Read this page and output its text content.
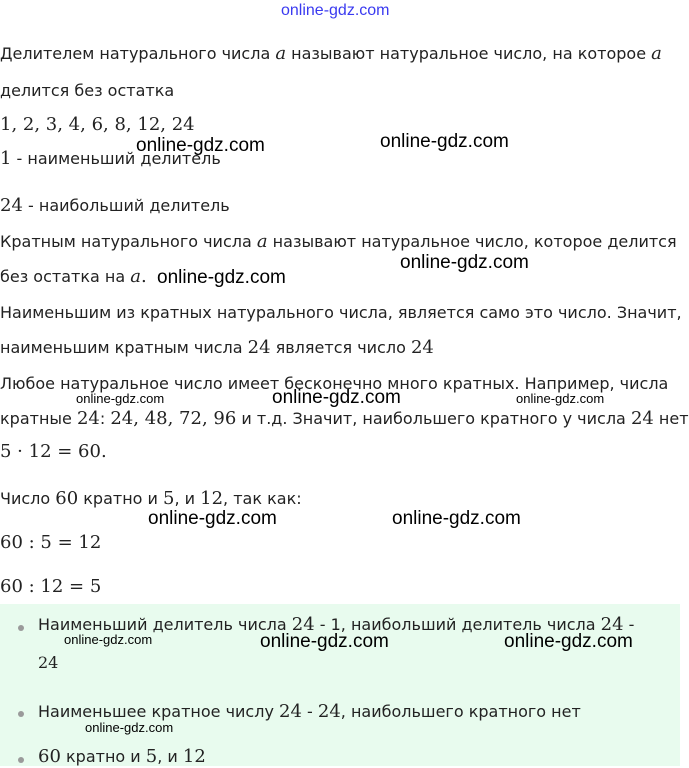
online-gdz.com
Делителем натурального числа a называют натуральное число, на которое a
делится без остатка
1, 2, 3, 4, 6, 8, 12, 24
1 - наименьший делитель
24 - наибольший делитель
Кратным натурального числа a называют натуральное число, которое делится
без остатка на a.
Наименьшим из кратных натурального числа, является само это число. Значит,
наименьшим кратным числа 24 является число 24
Любое натуральное число имеет бесконечно много кратных. Например, числа
кратные 24: 24, 48, 72, 96 и т.д. Значит, наибольшего кратного у числа 24 нет
5 · 12 = 60.
Число 60 кратно и 5, и 12, так как:
60 : 5 = 12
60 : 12 = 5
Наименьший делитель числа 24 - 1, наибольший делитель числа 24 -
24
Наименьшее кратное числу 24 - 24, наибольшего кратного нет
60 кратно и 5, и 12
online-gdz.com	online-gdz.com
online-gdz.com
online-gdz.com
online-gdz.com
online-gdz.com	online-gdz.com
online-gdz.com	online-gdz.com
online-gdz.com	online-gdz.com	online-gdz.com
online-gdz.com
